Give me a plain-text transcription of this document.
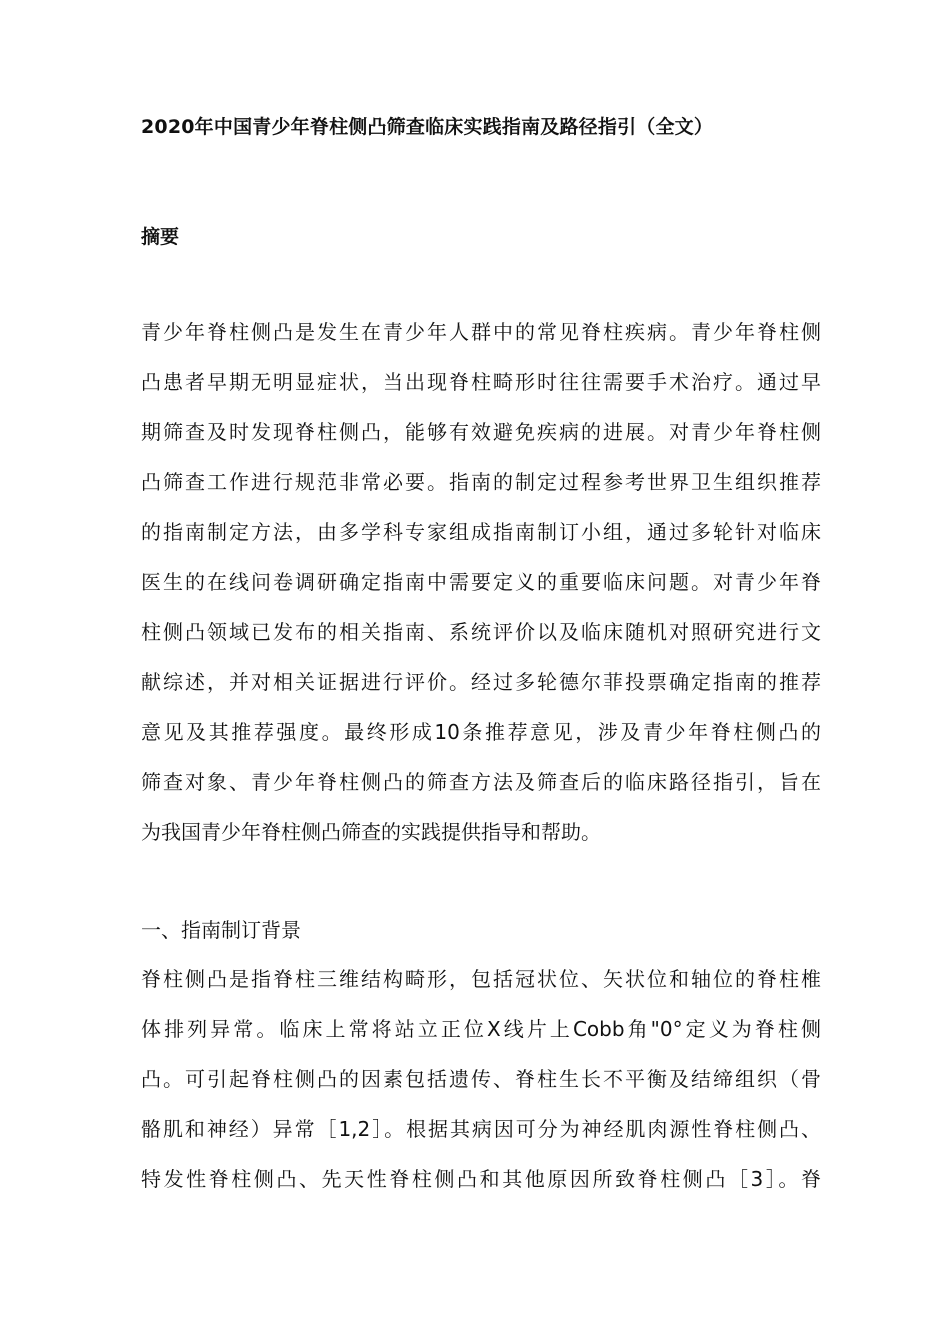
2020年中国青少年脊柱侧凸筛查临床实践指南及路径指引（全文）
摘要
青少年脊柱侧凸是发生在青少年人群中的常见脊柱疾病。青少年脊柱侧
凸患者早期无明显症状，当出现脊柱畸形时往往需要手术治疗。通过早
期筛查及时发现脊柱侧凸，能够有效避免疾病的进展。对青少年脊柱侧
凸筛查工作进行规范非常必要。指南的制定过程参考世界卫生组织推荐
的指南制定方法，由多学科专家组成指南制订小组，通过多轮针对临床
医生的在线问卷调研确定指南中需要定义的重要临床问题。对青少年脊
柱侧凸领域已发布的相关指南、系统评价以及临床随机对照研究进行文
献综述，并对相关证据进行评价。经过多轮德尔菲投票确定指南的推荐
意见及其推荐强度。最终形成10条推荐意见，涉及青少年脊柱侧凸的
筛查对象、青少年脊柱侧凸的筛查方法及筛查后的临床路径指引，旨在
为我国青少年脊柱侧凸筛查的实践提供指导和帮助。
一、指南制订背景
脊柱侧凸是指脊柱三维结构畸形，包括冠状位、矢状位和轴位的脊柱椎
体排列异常。临床上常将站立正位X线片上Cobb角"0°定义为脊柱侧
凸。可引起脊柱侧凸的因素包括遗传、脊柱生长不平衡及结缔组织（骨
骼肌和神经）异常［1,2］。根据其病因可分为神经肌肉源性脊柱侧凸、
特发性脊柱侧凸、先天性脊柱侧凸和其他原因所致脊柱侧凸［3］。脊
